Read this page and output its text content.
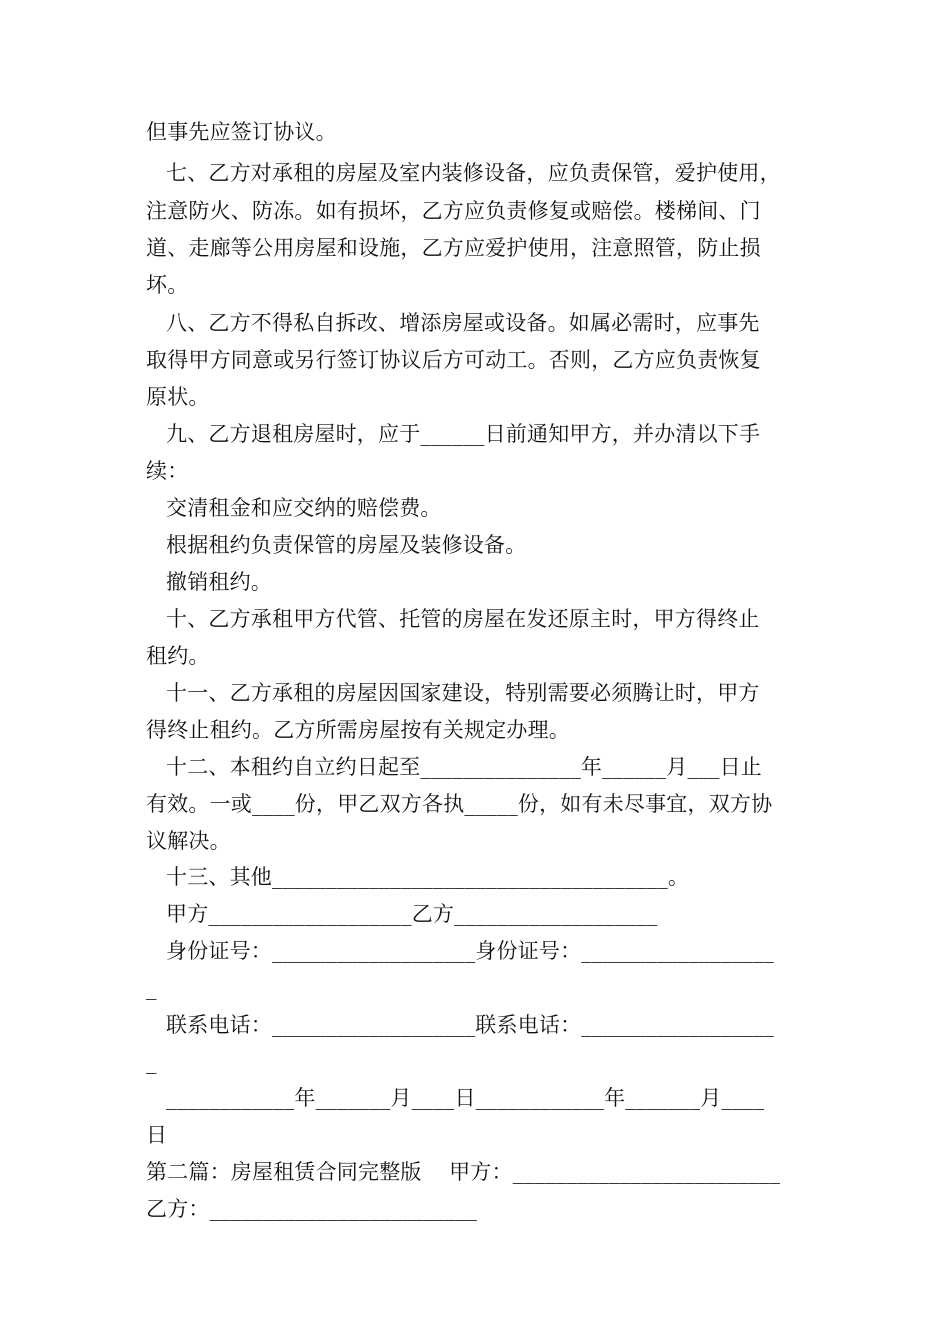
但事先应签订协议。
七、乙方对承租的房屋及室内装修设备，应负责保管，爱护使用，
注意防火、防冻。如有损坏，乙方应负责修复或赔偿。楼梯间、门
道、走廊等公用房屋和设施，乙方应爱护使用，注意照管，防止损
坏。
八、乙方不得私自拆改、增添房屋或设备。如属必需时，应事先
取得甲方同意或另行签订协议后方可动工。否则，乙方应负责恢复
原状。
九、乙方退租房屋时，应于______日前通知甲方，并办清以下手
续：
交清租金和应交纳的赔偿费。
根据租约负责保管的房屋及装修设备。
撤销租约。
十、乙方承租甲方代管、托管的房屋在发还原主时，甲方得终止
租约。
十一、乙方承租的房屋因国家建设，特别需要必须腾让时，甲方
得终止租约。乙方所需房屋按有关规定办理。
十二、本租约自立约日起至_______________年______月___日止
有效。一或____份，甲乙双方各执_____份，如有未尽事宜，双方协
议解决。
十三、其他_____________________________________。
甲方___________________乙方___________________
身份证号：___________________身份证号：__________________
_
联系电话：___________________联系电话：__________________
_
____________年_______月____日____________年_______月____
日
第二篇：房屋租赁合同完整版    甲方：_________________________
乙方：_________________________
